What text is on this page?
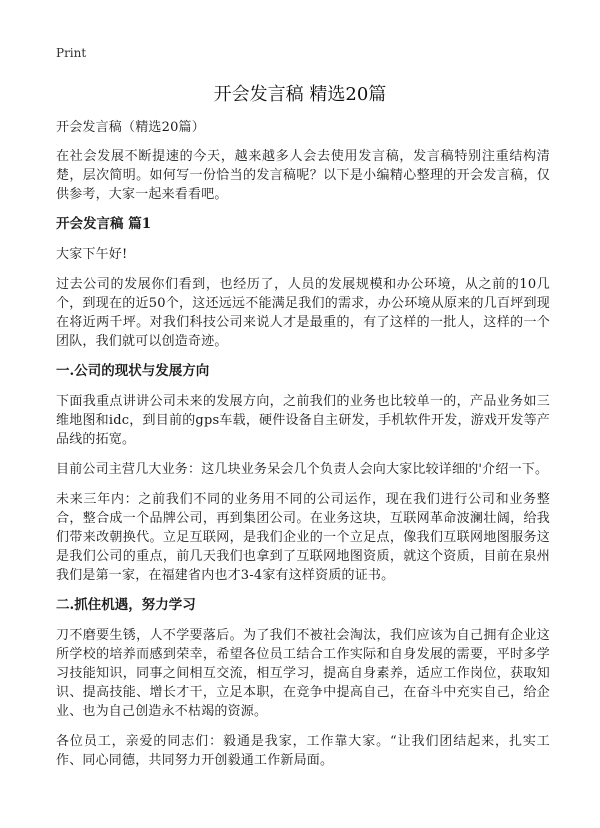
Print
开会发言稿 精选20篇

开会发言稿（精选20篇）

在社会发展不断提速的今天，越来越多人会去使用发言稿，发言稿特别注重结构清楚，层次简明。如何写一份恰当的发言稿呢？以下是小编精心整理的开会发言稿，仅供参考，大家一起来看看吧。

开会发言稿 篇1

大家下午好!

过去公司的发展你们看到，也经历了，人员的发展规模和办公环境，从之前的10几个，到现在的近50个，这还远远不能满足我们的需求，办公环境从原来的几百坪到现在将近两千坪。对我们科技公司来说人才是最重的，有了这样的一批人，这样的一个团队，我们就可以创造奇迹。

一.公司的现状与发展方向

下面我重点讲讲公司未来的发展方向，之前我们的业务也比较单一的，产品业务如三维地图和idc，到目前的gps车载，硬件设备自主研发，手机软件开发，游戏开发等产品线的拓宽。

目前公司主营几大业务：这几块业务呆会几个负责人会向大家比较详细的'介绍一下。

未来三年内：之前我们不同的业务用不同的公司运作，现在我们进行公司和业务整合，整合成一个品牌公司，再到集团公司。在业务这块，互联网革命波澜壮阔，给我们带来改朝换代。立足互联网，是我们企业的一个立足点，像我们互联网地图服务这是我们公司的重点，前几天我们也拿到了互联网地图资质，就这个资质，目前在泉州我们是第一家，在福建省内也才3-4家有这样资质的证书。

二.抓住机遇，努力学习

刀不磨要生锈，人不学要落后。为了我们不被社会淘汰，我们应该为自己拥有企业这所学校的培养而感到荣幸，希望各位员工结合工作实际和自身发展的需要，平时多学习技能知识，同事之间相互交流，相互学习，提高自身素养，适应工作岗位，获取知识、提高技能、增长才干，立足本职，在竞争中提高自己，在奋斗中充实自己，给企业、也为自己创造永不枯竭的资源。

各位员工，亲爱的同志们：毅通是我家，工作靠大家。“让我们团结起来，扎实工作、同心同德，共同努力开创毅通工作新局面。
